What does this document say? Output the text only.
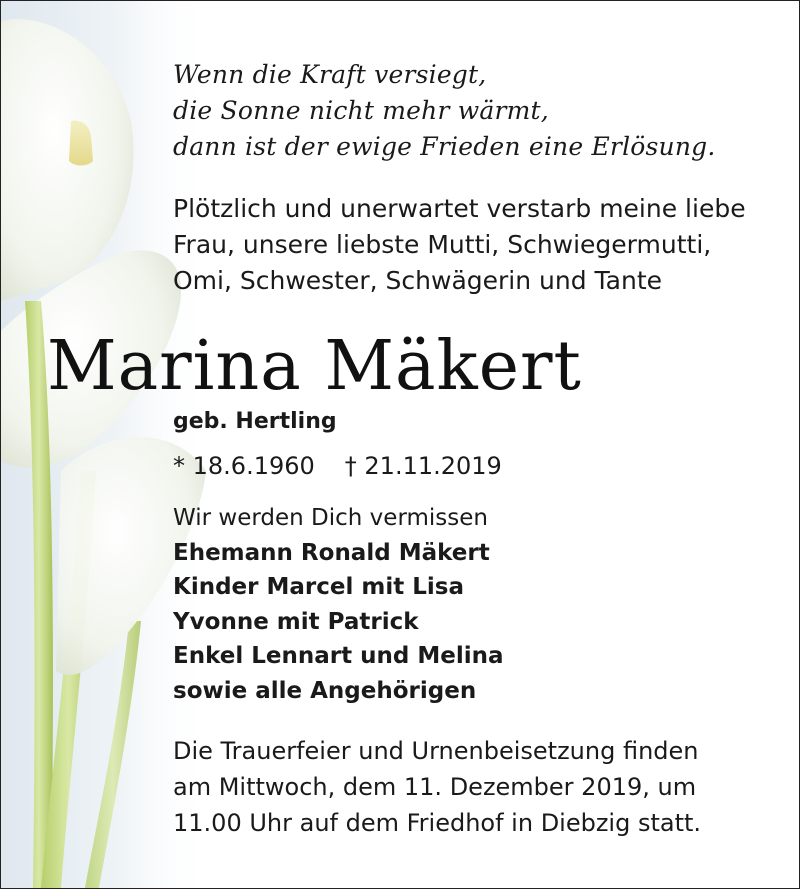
Wenn die Kraft versiegt,
die Sonne nicht mehr wärmt,
dann ist der ewige Frieden eine Erlösung.
Plötzlich und unerwartet verstarb meine liebe
Frau, unsere liebste Mutti, Schwiegermutti,
Omi, Schwester, Schwägerin und Tante
Marina Mäkert
geb. Hertling
* 18.6.1960 † 21.11.2019
Wir werden Dich vermissen
Ehemann Ronald Mäkert
Kinder Marcel mit Lisa
Yvonne mit Patrick
Enkel Lennart und Melina
sowie alle Angehörigen
Die Trauerfeier und Urnenbeisetzung finden
am Mittwoch, dem 11. Dezember 2019, um
11.00 Uhr auf dem Friedhof in Diebzig statt.
